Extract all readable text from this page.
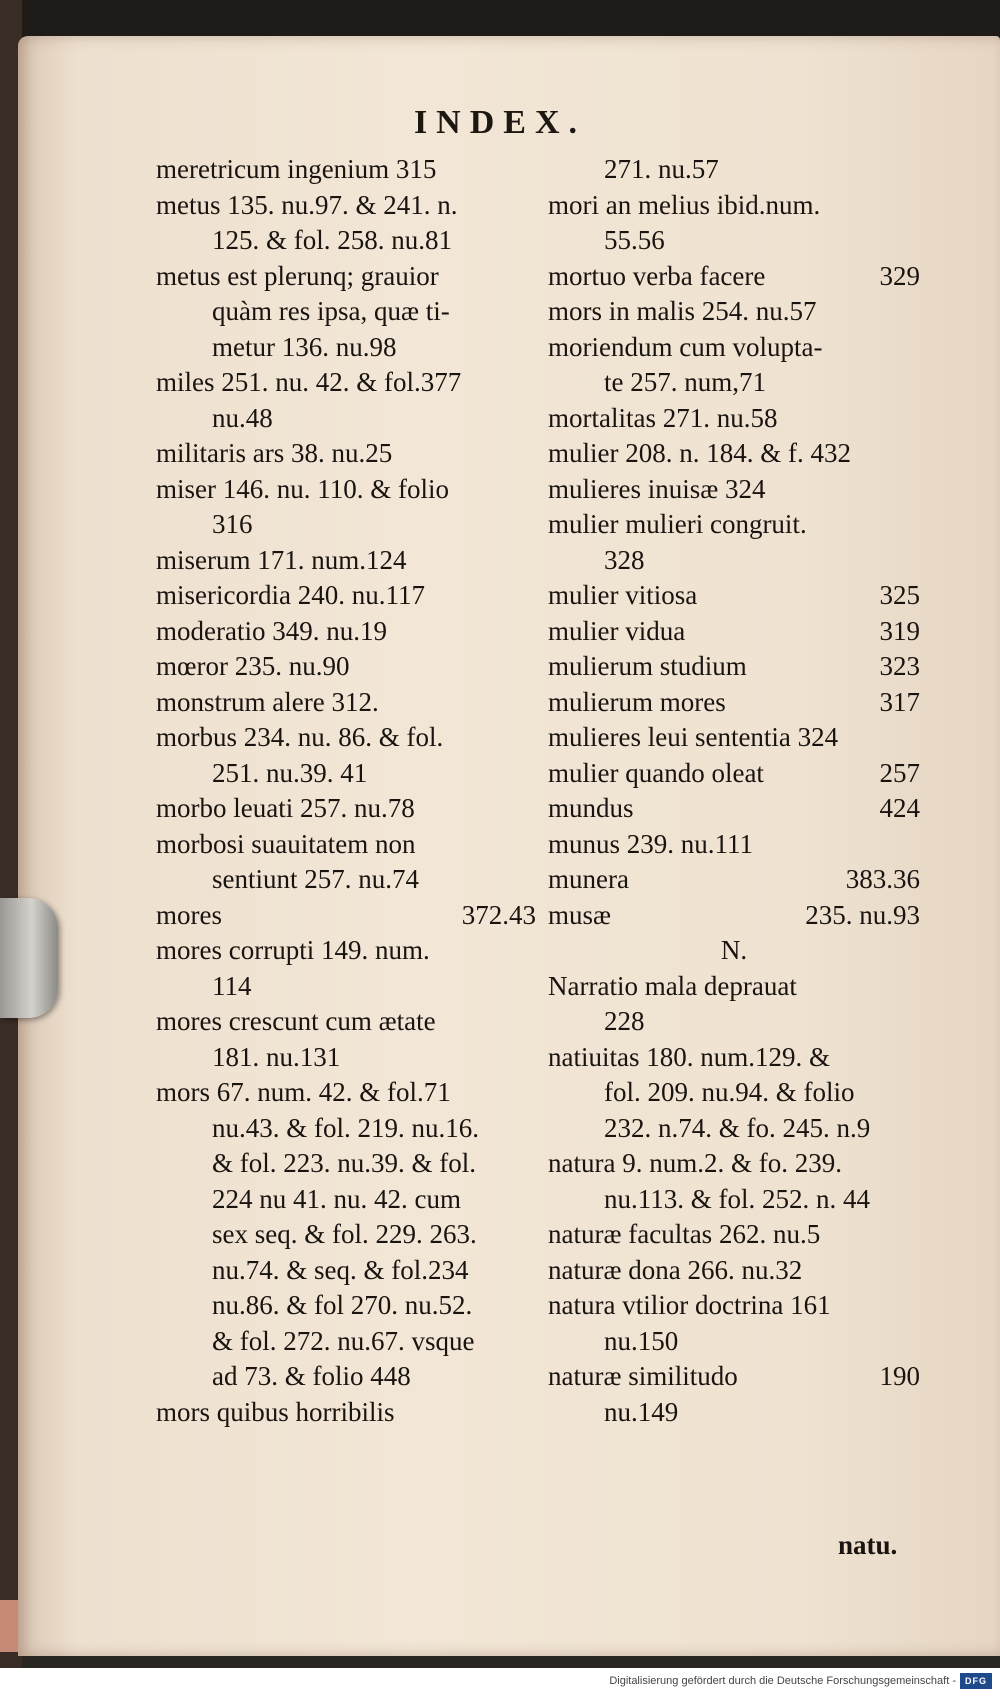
INDEX.
meretricum ingenium 315
metus 135. nu.97. & 241. n.
125. & fol. 258. nu.81
metus est plerunq; grauior
quàm res ipsa, quæ ti-
metur 136. nu.98
miles 251. nu. 42. & fol.377
nu.48
militaris ars 38. nu.25
miser 146. nu. 110. & folio
316
miserum 171. num.124
misericordia 240. nu.117
moderatio 349. nu.19
mœror 235. nu.90
monstrum alere 312.
morbus 234. nu. 86. & fol.
251. nu.39. 41
morbo leuati 257. nu.78
morbosi suauitatem non
sentiunt 257. nu.74
mores	372.43
mores corrupti 149. num.
114
mores crescunt cum ætate
181. nu.131
mors 67. num. 42. & fol.71
nu.43. & fol. 219. nu.16.
& fol. 223. nu.39. & fol.
224 nu 41. nu. 42. cum
sex seq. & fol. 229. 263.
nu.74. & seq. & fol.234
nu.86. & fol 270. nu.52.
& fol. 272. nu.67. vsque
ad 73. & folio 448
mors quibus horribilis
271. nu.57
mori an melius ibid.num.
55.56
mortuo verba facere	329
mors in malis 254. nu.57
moriendum cum volupta-
te 257. num,71
mortalitas 271. nu.58
mulier 208. n. 184. & f. 432
mulieres inuisæ 324
mulier mulieri congruit.
328
mulier vitiosa	325
mulier vidua	319
mulierum studium	323
mulierum mores	317
mulieres leui sententia 324
mulier quando oleat	257
mundus	424
munus 239. nu.111
munera	383.36
musæ	235. nu.93
N.
Narratio mala deprauat
228
natiuitas 180. num.129. &
fol. 209. nu.94. & folio
232. n.74. & fo. 245. n.9
natura 9. num.2. & fo. 239.
nu.113. & fol. 252. n. 44
naturæ facultas 262. nu.5
naturæ dona 266. nu.32
natura vtilior doctrina 161
nu.150
naturæ similitudo	190
nu.149
natu.
Digitalisierung gefördert durch die Deutsche Forschungsgemeinschaft -	DFG
